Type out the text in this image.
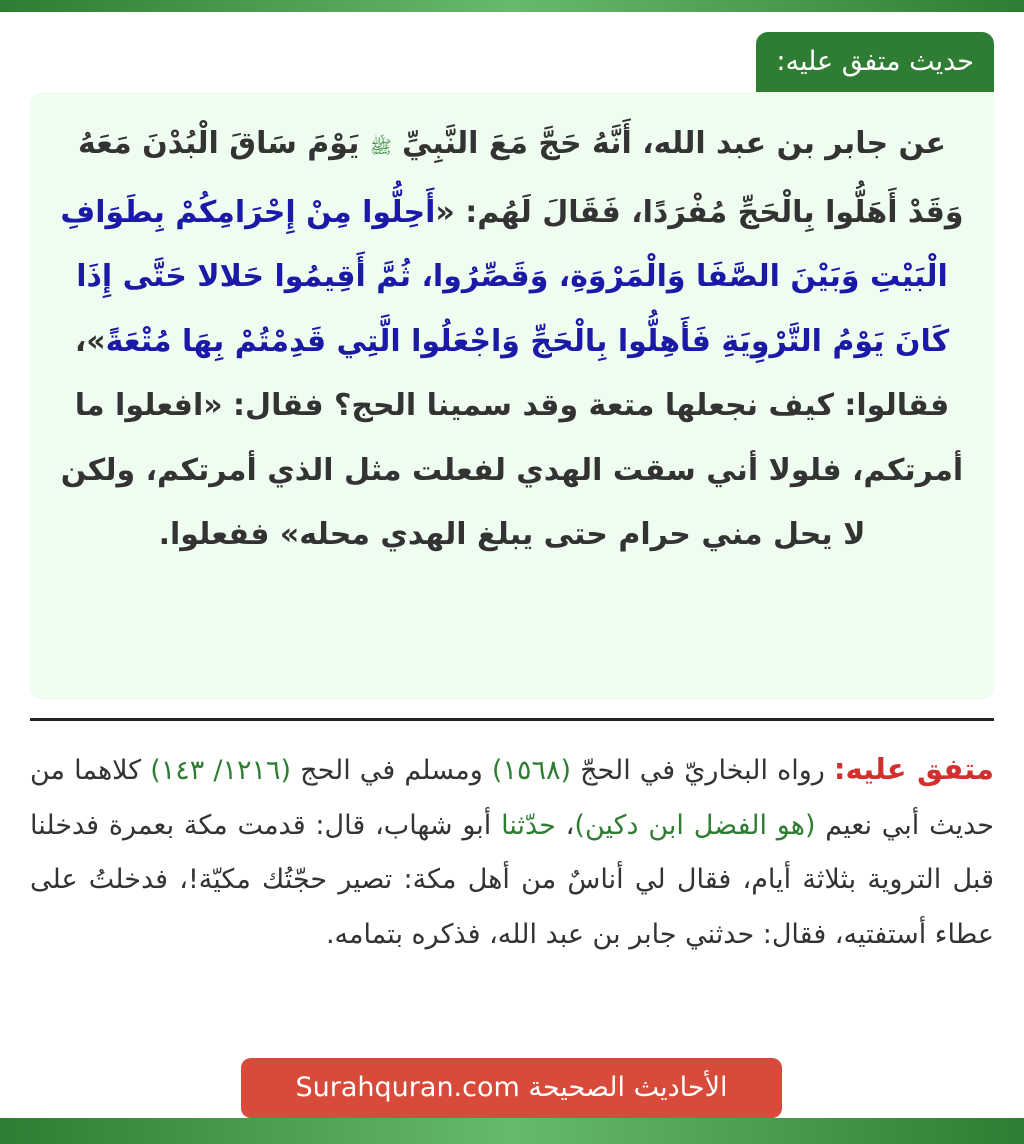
حديث متفق عليه:

عن جابر بن عبد الله، أَنَّهُ حَجَّ مَعَ النَّبِيِّ ﷺ يَوْمَ سَاقَ الْبُدْنَ مَعَهُ وَقَدْ أَهَلُّوا بِالْحَجِّ مُفْرَدًا، فَقَالَ لَهُم: «أَحِلُّوا مِنْ إِحْرَامِكُمْ بِطَوَافِ الْبَيْتِ وَبَيْنَ الصَّفَا وَالْمَرْوَةِ، وَقَصِّرُوا، ثُمَّ أَقِيمُوا حَلالا حَتَّى إِذَا كَانَ يَوْمُ التَّرْوِيَةِ فَأَهِلُّوا بِالْحَجِّ وَاجْعَلُوا الَّتِي قَدِمْتُمْ بِهَا مُتْعَةً»، فقالوا: كيف نجعلها متعة وقد سمينا الحج؟ فقال: «افعلوا ما أمرتكم، فلولا أني سقت الهدي لفعلت مثل الذي أمرتكم، ولكن لا يحل مني حرام حتى يبلغ الهدي محله» ففعلوا.

متفق عليه: رواه البخاريّ في الحجّ (١٥٦٨) ومسلم في الحج (١٢١٦/ ١٤٣) كلاهما من حديث أبي نعيم (هو الفضل ابن دكين)، حدّثنا أبو شهاب، قال: قدمت مكة بعمرة فدخلنا قبل التروية بثلاثة أيام، فقال لي أناسٌ من أهل مكة: تصير حجّتُك مكيّة!، فدخلتُ على عطاء أستفتيه، فقال: حدثني جابر بن عبد الله، فذكره بتمامه.

الأحاديث الصحيحة Surahquran.com
